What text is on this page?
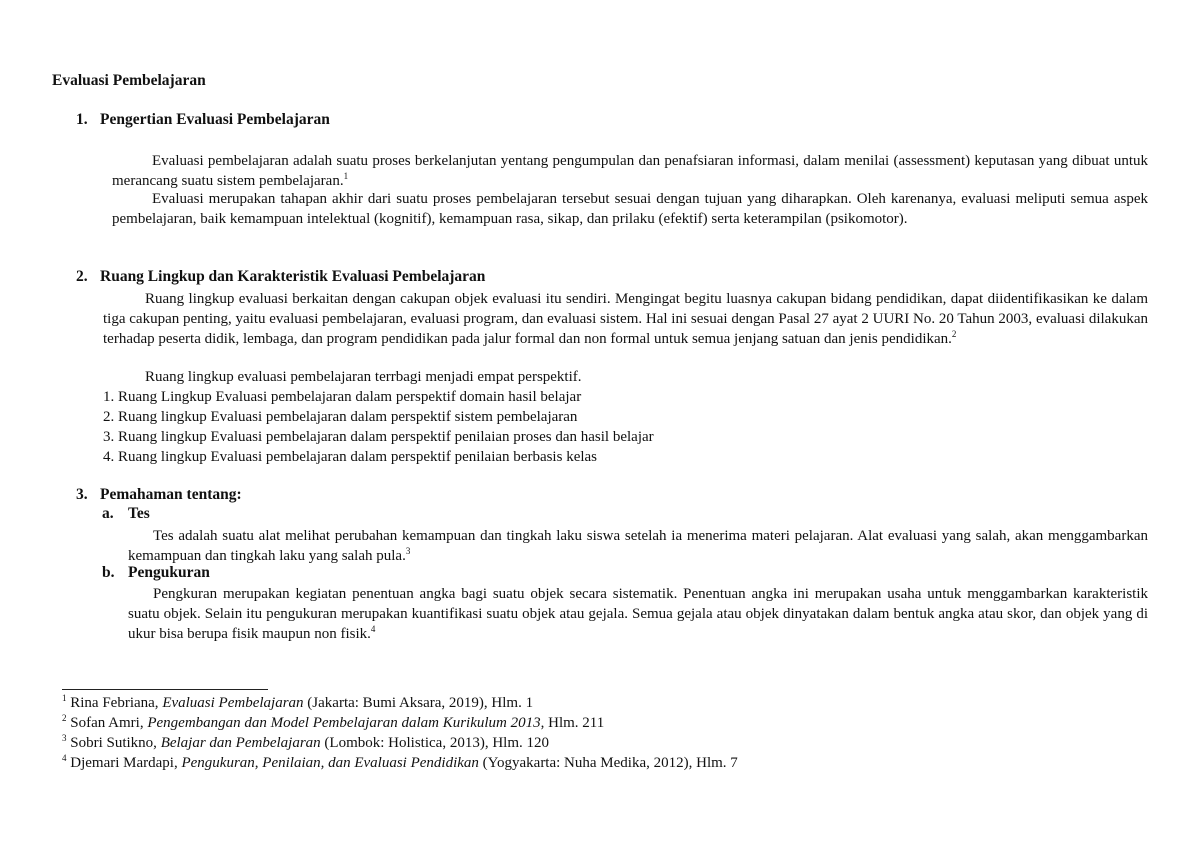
Evaluasi Pembelajaran
1. Pengertian Evaluasi Pembelajaran
Evaluasi pembelajaran adalah suatu proses berkelanjutan yentang pengumpulan dan penafsiaran informasi, dalam menilai (assessment) keputasan yang dibuat untuk merancang suatu sistem pembelajaran.$^1$
Evaluasi merupakan tahapan akhir dari suatu proses pembelajaran tersebut sesuai dengan tujuan yang diharapkan. Oleh karenanya, evaluasi meliputi semua aspek pembelajaran, baik kemampuan intelektual (kognitif), kemampuan rasa, sikap, dan prilaku (efektif) serta keterampilan (psikomotor).
2. Ruang Lingkup dan Karakteristik Evaluasi Pembelajaran
Ruang lingkup evaluasi berkaitan dengan cakupan objek evaluasi itu sendiri. Mengingat begitu luasnya cakupan bidang pendidikan, dapat diidentifikasikan ke dalam tiga cakupan penting, yaitu evaluasi pembelajaran, evaluasi program, dan evaluasi sistem. Hal ini sesuai dengan Pasal 27 ayat 2 UURI No. 20 Tahun 2003, evaluasi dilakukan terhadap peserta didik, lembaga, dan program pendidikan pada jalur formal dan non formal untuk semua jenjang satuan dan jenis pendidikan.$^2$
Ruang lingkup evaluasi pembelajaran terrbagi menjadi empat perspektif.
1. Ruang Lingkup Evaluasi pembelajaran dalam perspektif domain hasil belajar
2. Ruang lingkup Evaluasi pembelajaran dalam perspektif sistem pembelajaran
3. Ruang lingkup Evaluasi pembelajaran dalam perspektif penilaian proses dan hasil belajar
4. Ruang lingkup Evaluasi pembelajaran dalam perspektif penilaian berbasis kelas
3. Pemahaman tentang:
a. Tes
Tes adalah suatu alat melihat perubahan kemampuan dan tingkah laku siswa setelah ia menerima materi pelajaran. Alat evaluasi yang salah, akan menggambarkan kemampuan dan tingkah laku yang salah pula.$^3$
b. Pengukuran
Pengkuran merupakan kegiatan penentuan angka bagi suatu objek secara sistematik. Penentuan angka ini merupakan usaha untuk menggambarkan karakteristik suatu objek. Selain itu pengukuran merupakan kuantifikasi suatu objek atau gejala. Semua gejala atau objek dinyatakan dalam bentuk angka atau skor, dan objek yang di ukur bisa berupa fisik maupun non fisik.$^4$
$^1$ Rina Febriana, Evaluasi Pembelajaran (Jakarta: Bumi Aksara, 2019), Hlm. 1
$^2$ Sofan Amri, Pengembangan dan Model Pembelajaran dalam Kurikulum 2013, Hlm. 211
$^3$ Sobri Sutikno, Belajar dan Pembelajaran (Lombok: Holistica, 2013), Hlm. 120
$^4$ Djemari Mardapi, Pengukuran, Penilaian, dan Evaluasi Pendidikan (Yogyakarta: Nuha Medika, 2012), Hlm. 7
